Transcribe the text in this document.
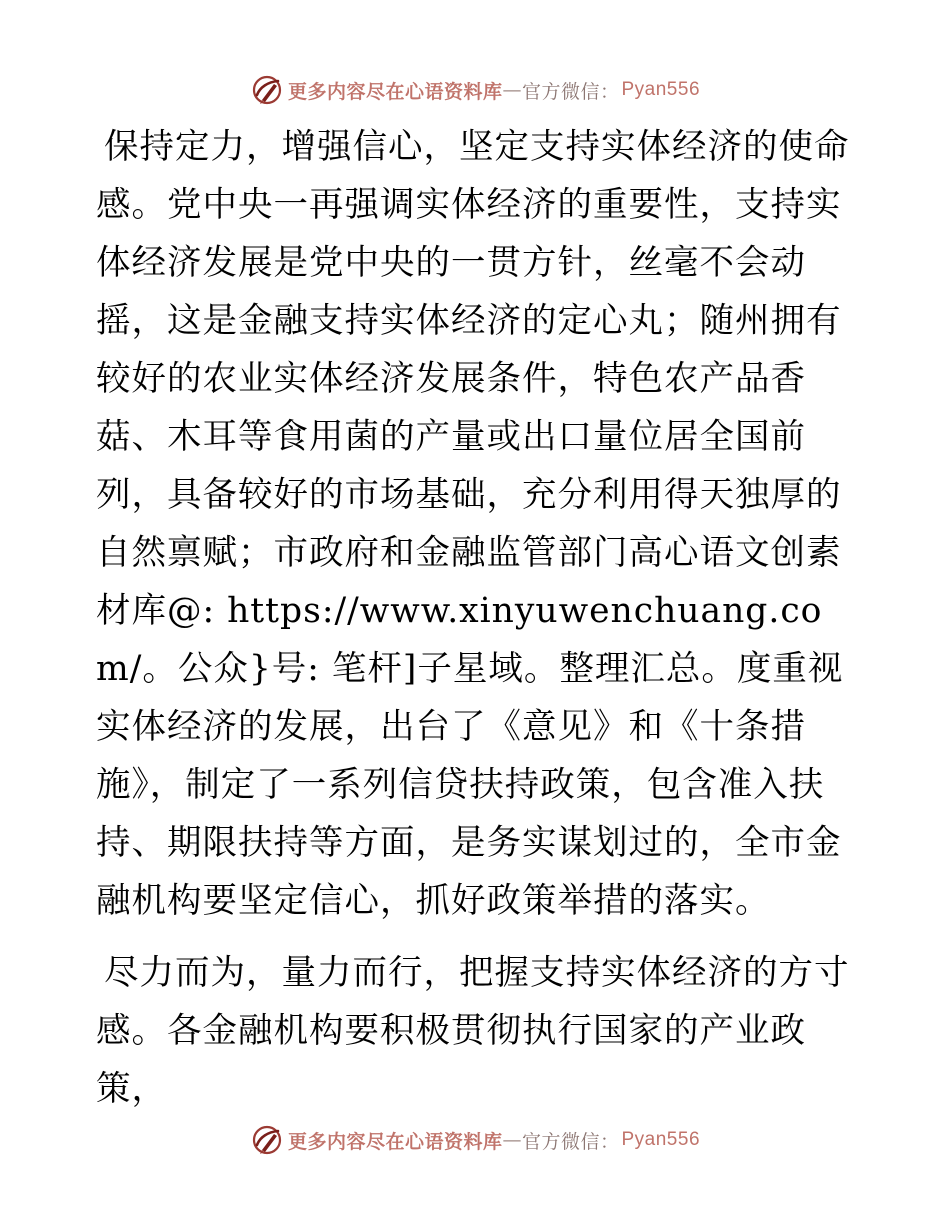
更多内容尽在心语资料库 — 官方微信： Pyan556

保持定力，增强信心，坚定支持实体经济的使命感。党中央一再强调实体经济的重要性，支持实体经济发展是党中央的一贯方针，丝毫不会动摇，这是金融支持实体经济的定心丸；随州拥有较好的农业实体经济发展条件，特色农产品香菇、木耳等食用菌的产量或出口量位居全国前列，具备较好的市场基础，充分利用得天独厚的自然禀赋；市政府和金融监管部门高心语文创素材库@: https://www.xinyuwenchuang.com/。公众}号: 笔杆]子星域。整理汇总。度重视实体经济的发展，出台了《意见》和《十条措施》，制定了一系列信贷扶持政策，包含准入扶持、期限扶持等方面，是务实谋划过的，全市金融机构要坚定信心，抓好政策举措的落实。

尽力而为，量力而行，把握支持实体经济的方寸感。各金融机构要积极贯彻执行国家的产业政策，

更多内容尽在心语资料库 — 官方微信： Pyan556
